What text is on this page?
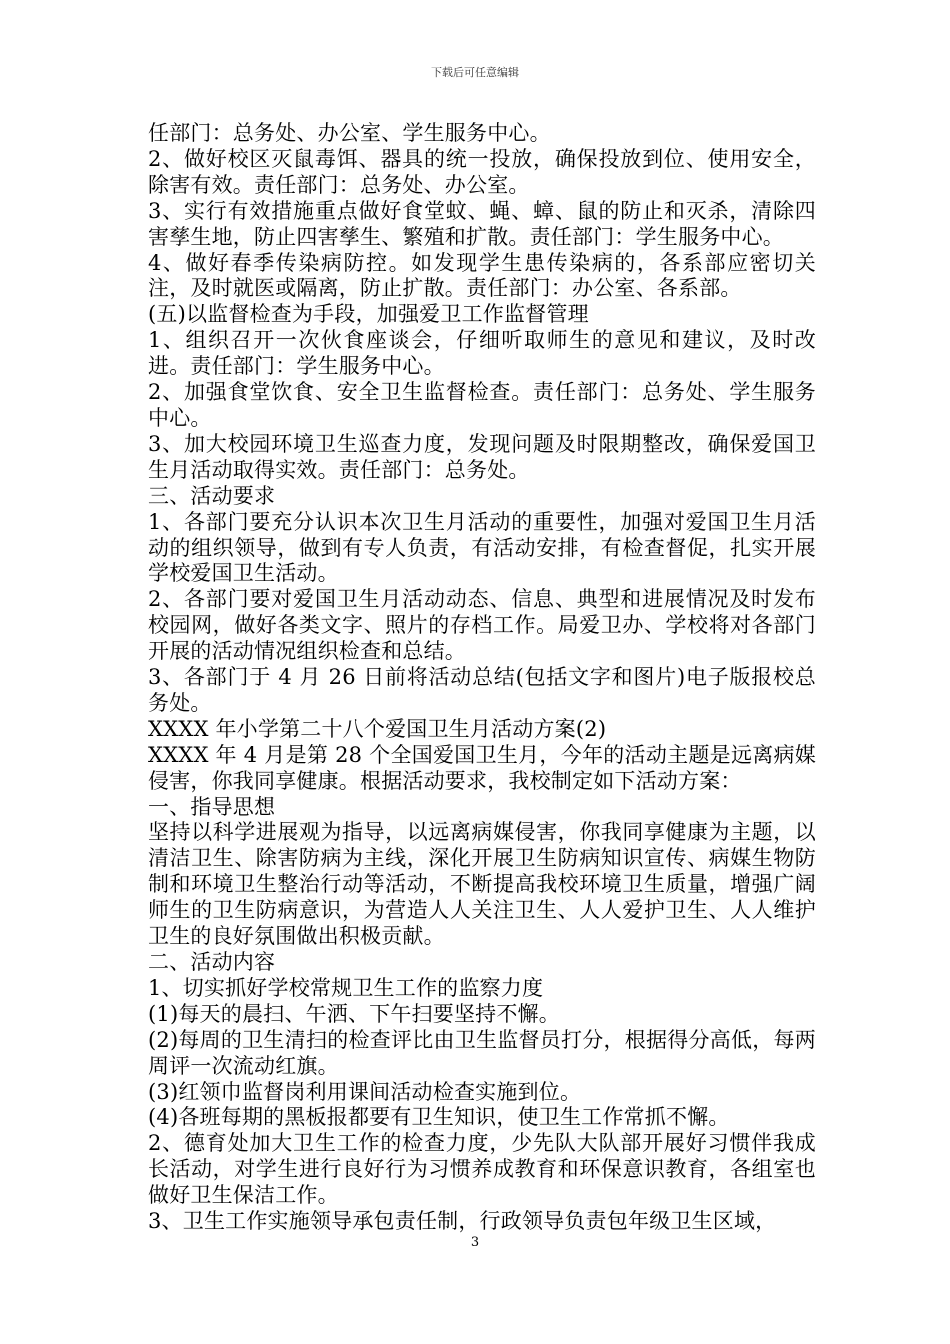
下载后可任意编辑

任部门：总务处、办公室、学生服务中心。

2、做好校区灭鼠毒饵、器具的统一投放，确保投放到位、使用安全，除害有效。责任部门：总务处、办公室。

3、实行有效措施重点做好食堂蚊、蝇、蟑、鼠的防止和灭杀，清除四害孳生地，防止四害孳生、繁殖和扩散。责任部门：学生服务中心。

4、做好春季传染病防控。如发现学生患传染病的，各系部应密切关注，及时就医或隔离，防止扩散。责任部门：办公室、各系部。

(五)以监督检查为手段，加强爱卫工作监督管理

1、组织召开一次伙食座谈会，仔细听取师生的意见和建议，及时改进。责任部门：学生服务中心。

2、加强食堂饮食、安全卫生监督检查。责任部门：总务处、学生服务中心。

3、加大校园环境卫生巡查力度，发现问题及时限期整改，确保爱国卫生月活动取得实效。责任部门：总务处。

三、活动要求

1、各部门要充分认识本次卫生月活动的重要性，加强对爱国卫生月活动的组织领导，做到有专人负责，有活动安排，有检查督促，扎实开展学校爱国卫生活动。

2、各部门要对爱国卫生月活动动态、信息、典型和进展情况及时发布校园网，做好各类文字、照片的存档工作。局爱卫办、学校将对各部门开展的活动情况组织检查和总结。

3、各部门于 4 月 26 日前将活动总结(包括文字和图片)电子版报校总务处。

XXXX 年小学第二十八个爱国卫生月活动方案(2)

XXXX 年 4 月是第 28 个全国爱国卫生月，今年的活动主题是远离病媒侵害，你我同享健康。根据活动要求，我校制定如下活动方案：

一、指导思想

坚持以科学进展观为指导，以远离病媒侵害，你我同享健康为主题，以清洁卫生、除害防病为主线，深化开展卫生防病知识宣传、病媒生物防制和环境卫生整治行动等活动，不断提高我校环境卫生质量，增强广阔师生的卫生防病意识，为营造人人关注卫生、人人爱护卫生、人人维护卫生的良好氛围做出积极贡献。

二、活动内容

1、切实抓好学校常规卫生工作的监察力度

(1)每天的晨扫、午洒、下午扫要坚持不懈。

(2)每周的卫生清扫的检查评比由卫生监督员打分，根据得分高低，每两周评一次流动红旗。

(3)红领巾监督岗利用课间活动检查实施到位。

(4)各班每期的黑板报都要有卫生知识，使卫生工作常抓不懈。

2、德育处加大卫生工作的检查力度，少先队大队部开展好习惯伴我成长活动，对学生进行良好行为习惯养成教育和环保意识教育，各组室也做好卫生保洁工作。

3、卫生工作实施领导承包责任制，行政领导负责包年级卫生区域，

3
